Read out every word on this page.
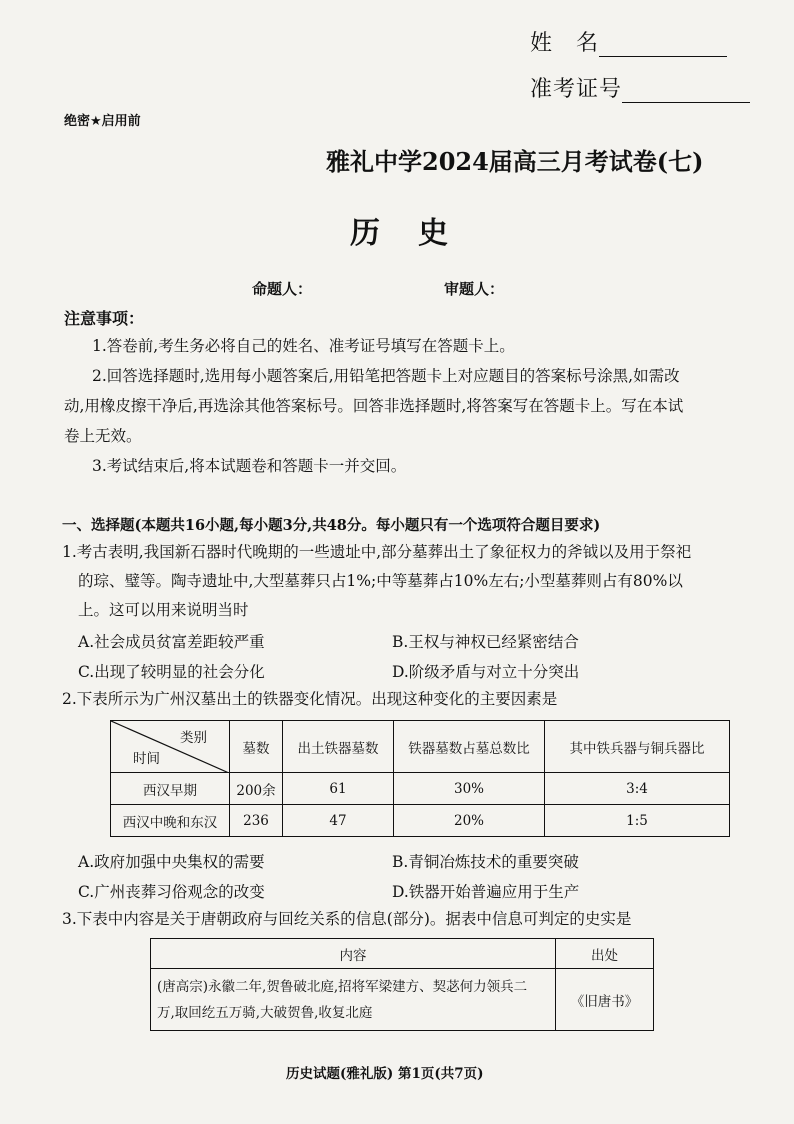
姓　名
准考证号
绝密★启用前
雅礼中学2024届高三月考试卷(七)
历　史
命题人：	审题人：
注意事项：
1.答卷前,考生务必将自己的姓名、准考证号填写在答题卡上。
2.回答选择题时,选用每小题答案后,用铅笔把答题卡上对应题目的答案标号涂黑,如需改
动,用橡皮擦干净后,再选涂其他答案标号。回答非选择题时,将答案写在答题卡上。写在本试
卷上无效。
3.考试结束后,将本试题卷和答题卡一并交回。
一、选择题(本题共16小题,每小题3分,共48分。每小题只有一个选项符合题目要求)
1.考古表明,我国新石器时代晚期的一些遗址中,部分墓葬出土了象征权力的斧钺以及用于祭祀
的琮、璧等。陶寺遗址中,大型墓葬只占1%;中等墓葬占10%左右;小型墓葬则占有80%以
上。这可以用来说明当时
A.社会成员贫富差距较严重	B.王权与神权已经紧密结合
C.出现了较明显的社会分化	D.阶级矛盾与对立十分突出
2.下表所示为广州汉墓出土的铁器变化情况。出现这种变化的主要因素是
类别
时间	墓数	出土铁器墓数	铁器墓数占墓总数比	其中铁兵器与铜兵器比
西汉早期	200余	61	30%	3:4
西汉中晚和东汉	236	47	20%	1:5
A.政府加强中央集权的需要	B.青铜冶炼技术的重要突破
C.广州丧葬习俗观念的改变	D.铁器开始普遍应用于生产
3.下表中内容是关于唐朝政府与回纥关系的信息(部分)。据表中信息可判定的史实是
内容	出处

(唐高宗)永徽二年,贺鲁破北庭,招将军梁建方、契苾何力领兵二
万,取回纥五万骑,大破贺鲁,收复北庭	《旧唐书》
历史试题(雅礼版) 第1页(共7页)
